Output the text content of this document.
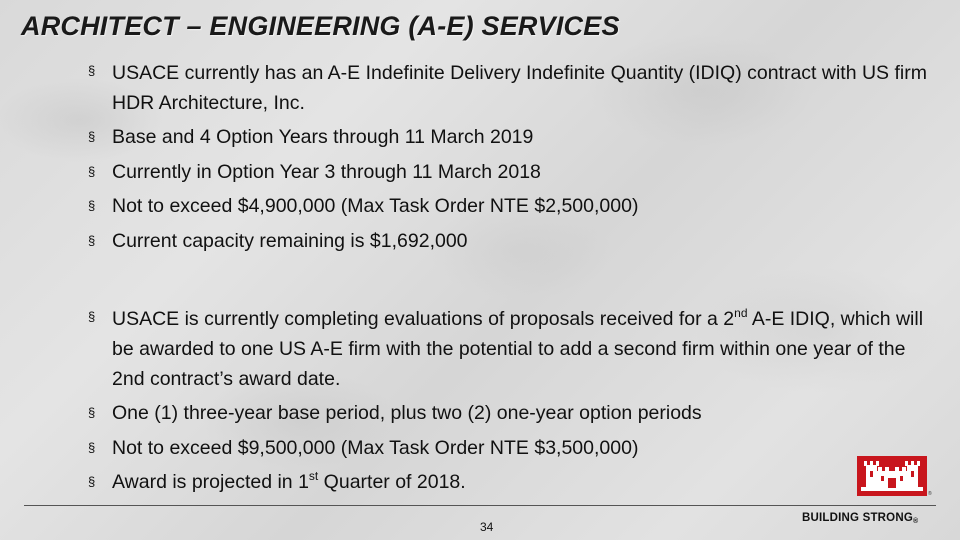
ARCHITECT – ENGINEERING (A-E) SERVICES
§ USACE currently has an A-E Indefinite Delivery Indefinite Quantity (IDIQ) contract with US firm HDR Architecture, Inc.
§ Base and 4 Option Years through 11 March 2019
§ Currently in Option Year 3 through 11 March 2018
§ Not to exceed $4,900,000 (Max Task Order NTE $2,500,000)
§ Current capacity remaining is $1,692,000
§ USACE is currently completing evaluations of proposals received for a 2nd A-E IDIQ, which will be awarded to one US A-E firm with the potential to add a second firm within one year of the 2nd contract’s award date.
§ One (1) three-year base period, plus two (2) one-year option periods
§ Not to exceed $9,500,000 (Max Task Order NTE $3,500,000)
§ Award is projected in 1st Quarter of 2018.
®
34
BUILDING STRONG®
